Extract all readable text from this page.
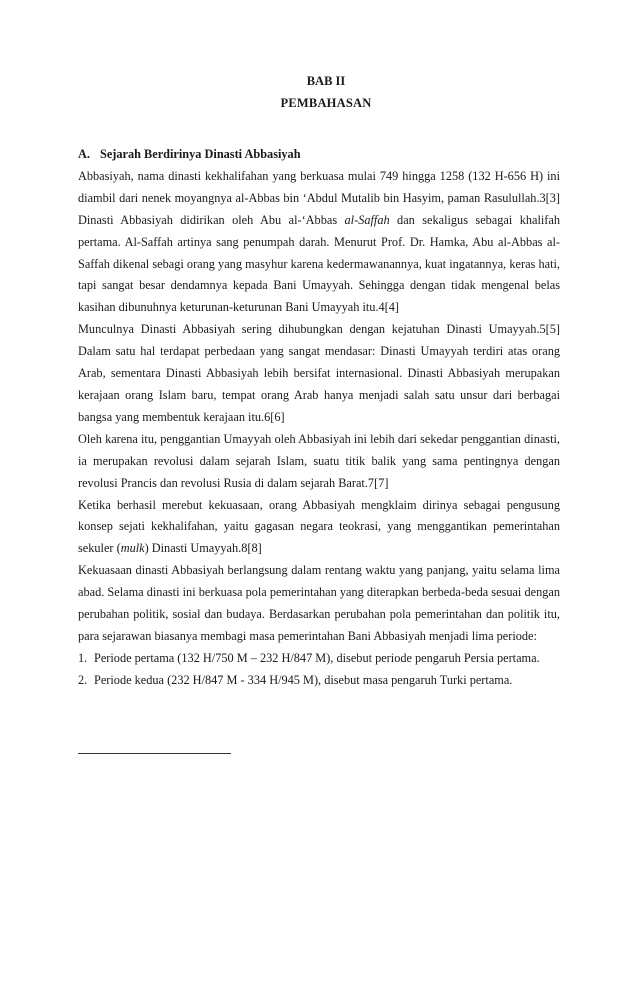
BAB II

PEMBAHASAN

A. Sejarah Berdirinya Dinasti Abbasiyah

Abbasiyah, nama dinasti kekhalifahan yang berkuasa mulai 749 hingga 1258 (132 H-656 H) ini diambil dari nenek moyangnya al-Abbas bin ‘Abdul Mutalib bin Hasyim, paman Rasulullah.3[3] Dinasti Abbasiyah didirikan oleh Abu al-‘Abbas al-Saffah dan sekaligus sebagai khalifah pertama. Al-Saffah artinya sang penumpah darah. Menurut Prof. Dr. Hamka, Abu al-Abbas al-Saffah dikenal sebagi orang yang masyhur karena kedermawanannya, kuat ingatannya, keras hati, tapi sangat besar dendamnya kepada Bani Umayyah. Sehingga dengan tidak mengenal belas kasihan dibunuhnya keturunan-keturunan Bani Umayyah itu.4[4]

Munculnya Dinasti Abbasiyah sering dihubungkan dengan kejatuhan Dinasti Umayyah.5[5] Dalam satu hal terdapat perbedaan yang sangat mendasar: Dinasti Umayyah terdiri atas orang Arab, sementara Dinasti Abbasiyah lebih bersifat internasional. Dinasti Abbasiyah merupakan kerajaan orang Islam baru, tempat orang Arab hanya menjadi salah satu unsur dari berbagai bangsa yang membentuk kerajaan itu.6[6]

Oleh karena itu, penggantian Umayyah oleh Abbasiyah ini lebih dari sekedar penggantian dinasti, ia merupakan revolusi dalam sejarah Islam, suatu titik balik yang sama pentingnya dengan revolusi Prancis dan revolusi Rusia di dalam sejarah Barat.7[7]

Ketika berhasil merebut kekuasaan, orang Abbasiyah mengklaim dirinya sebagai pengusung konsep sejati kekhalifahan, yaitu gagasan negara teokrasi, yang menggantikan pemerintahan sekuler (mulk) Dinasti Umayyah.8[8]

Kekuasaan dinasti Abbasiyah berlangsung dalam rentang waktu yang panjang, yaitu selama lima abad. Selama dinasti ini berkuasa pola pemerintahan yang diterapkan berbeda-beda sesuai dengan perubahan politik, sosial dan budaya. Berdasarkan perubahan pola pemerintahan dan politik itu, para sejarawan biasanya membagi masa pemerintahan Bani Abbasiyah menjadi lima periode:

1. Periode pertama (132 H/750 M – 232 H/847 M), disebut periode pengaruh Persia pertama.
2. Periode kedua (232 H/847 M - 334 H/945 M), disebut masa pengaruh Turki pertama.
